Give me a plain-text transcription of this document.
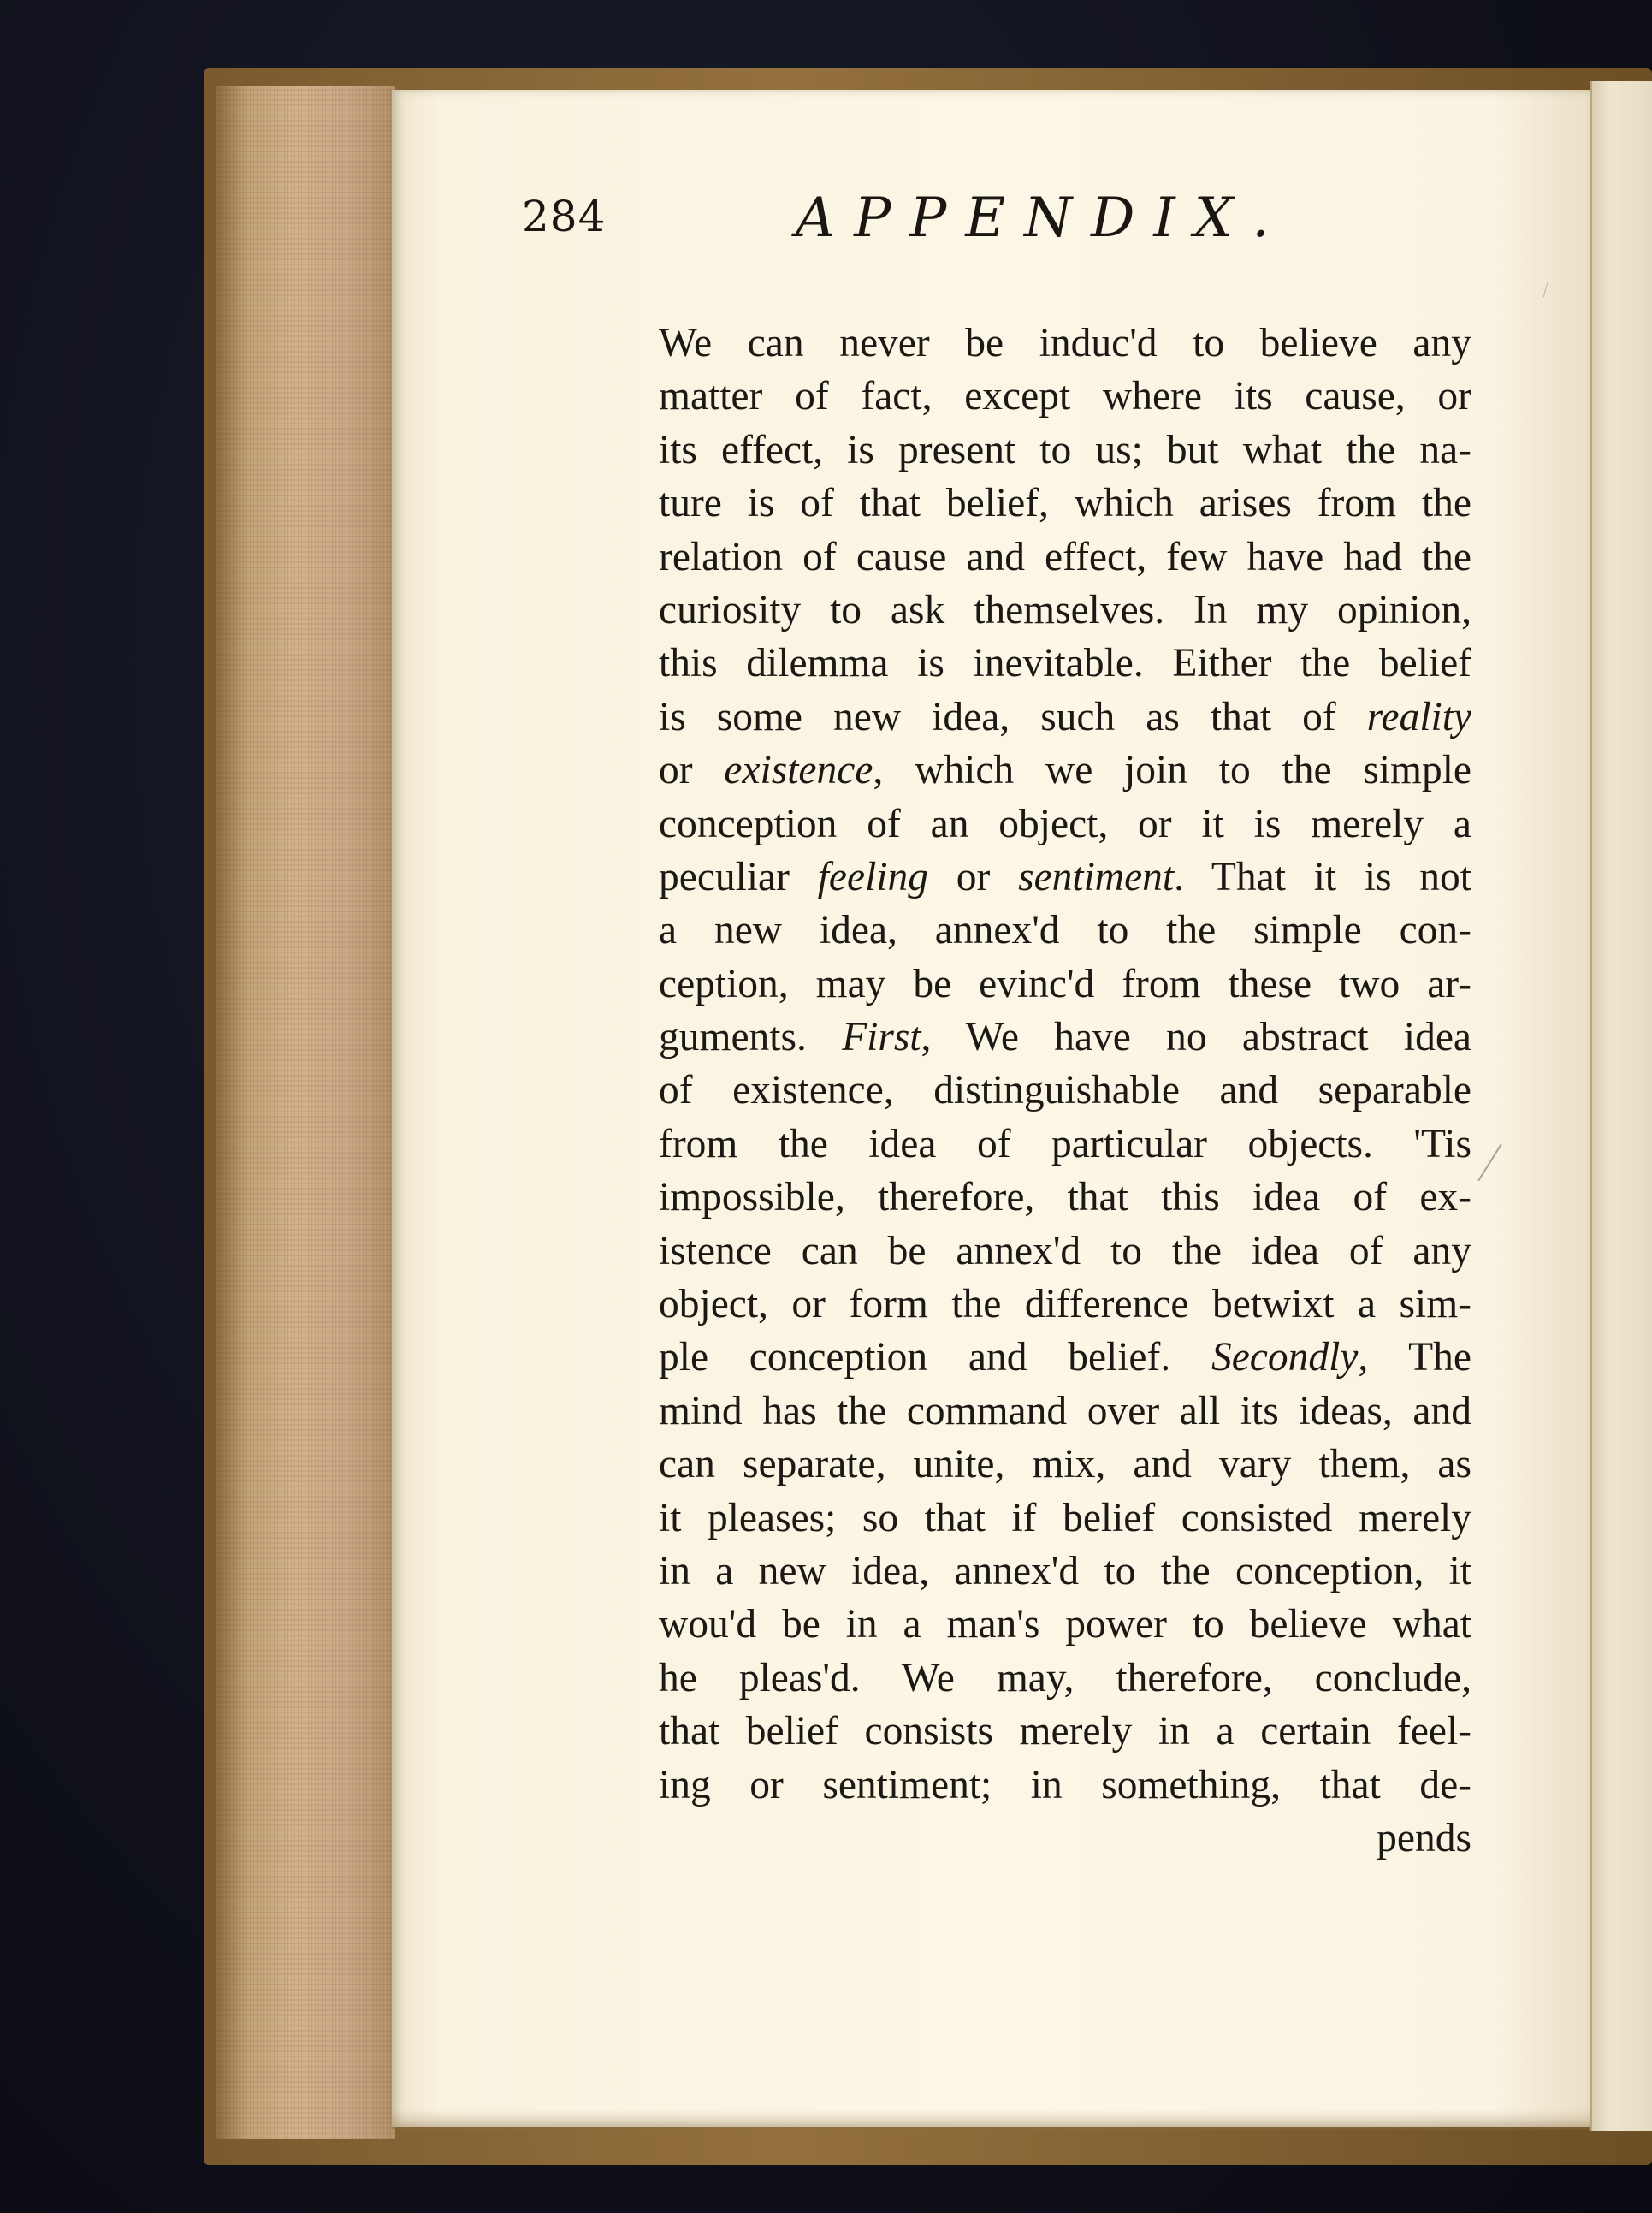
284	APPENDIX.
We can never be induc'd to believe any
matter of fact, except where its cause, or
its effect, is present to us; but what the na-
ture is of that belief, which arises from the
relation of cause and effect, few have had the
curiosity to ask themselves. In my opinion,
this dilemma is inevitable. Either the belief
is some new idea, such as that of reality
or existence, which we join to the simple
conception of an object, or it is merely a
peculiar feeling or sentiment. That it is not
a new idea, annex'd to the simple con-
ception, may be evinc'd from these two ar-
guments. First, We have no abstract idea
of existence, distinguishable and separable
from the idea of particular objects. 'Tis
impossible, therefore, that this idea of ex-
istence can be annex'd to the idea of any
object, or form the difference betwixt a sim-
ple conception and belief. Secondly, The
mind has the command over all its ideas, and
can separate, unite, mix, and vary them, as
it pleases; so that if belief consisted merely
in a new idea, annex'd to the conception, it
wou'd be in a man's power to believe what
he pleas'd. We may, therefore, conclude,
that belief consists merely in a certain feel-
ing or sentiment; in something, that de-
pends
